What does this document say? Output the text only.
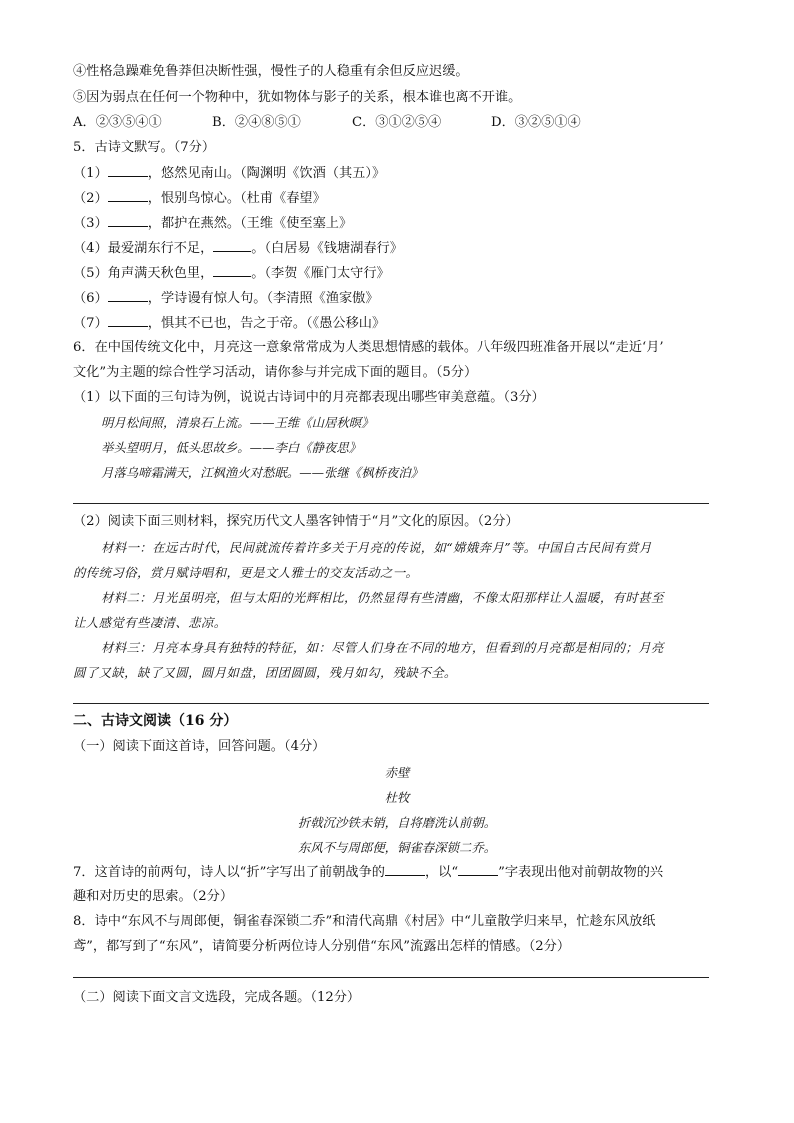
④性格急躁难免鲁莽但决断性强，慢性子的人稳重有余但反应迟缓。
⑤因为弱点在任何一个物种中，犹如物体与影子的关系，根本谁也离不开谁。
A．②③⑤④①	B．②④⑧⑤①	C．③①②⑤④	D．③②⑤①④
5．古诗文默写。（7分）
（1）	，悠然见南山。（陶渊明《饮酒（其五）》
（2）	，恨别鸟惊心。（杜甫《春望》
（3）	，都护在燕然。（王维《使至塞上》
（4）最爱湖东行不足，	。（白居易《钱塘湖春行》
（5）角声满天秋色里，	。（李贺《雁门太守行》
（6）	，学诗谩有惊人句。（李清照《渔家傲》
（7）	，惧其不已也，告之于帝。（《愚公移山》
6．在中国传统文化中，月亮这一意象常常成为人类思想情感的载体。八年级四班准备开展以“走近‘月’
文化”为主题的综合性学习活动，请你参与并完成下面的题目。（5分）
（1）以下面的三句诗为例，说说古诗词中的月亮都表现出哪些审美意蕴。（3分）
明月松间照，清泉石上流。——王维《山居秋暝》
举头望明月，低头思故乡。——李白《静夜思》
月落乌啼霜满天，江枫渔火对愁眠。——张继《枫桥夜泊》
（2）阅读下面三则材料，探究历代文人墨客钟情于“月”文化的原因。（2分）
材料一：在远古时代，民间就流传着许多关于月亮的传说，如“嫦娥奔月”等。中国自古民间有赏月
的传统习俗，赏月赋诗唱和，更是文人雅士的交友活动之一。
材料二：月光虽明亮，但与太阳的光辉相比，仍然显得有些清幽，不像太阳那样让人温暖，有时甚至
让人感觉有些凄清、悲凉。
材料三：月亮本身具有独特的特征，如：尽管人们身在不同的地方，但看到的月亮都是相同的；月亮
圆了又缺，缺了又圆，圆月如盘，团团圆圆，残月如勾，残缺不全。
二、古诗文阅读（16 分）
（一）阅读下面这首诗，回答问题。（4分）
赤壁
杜牧
折戟沉沙铁未销，自将磨洗认前朝。
东风不与周郎便，铜雀春深锁二乔。
7．这首诗的前两句，诗人以“折”字写出了前朝战争的	，以“	”字表现出他对前朝故物的兴
趣和对历史的思索。（2分）
8．诗中“东风不与周郎便，铜雀春深锁二乔”和清代高鼎《村居》中“儿童散学归来早，忙趁东风放纸
鸢”，都写到了“东风”，请简要分析两位诗人分别借“东风”流露出怎样的情感。（2分）
（二）阅读下面文言文选段，完成各题。（12分）
